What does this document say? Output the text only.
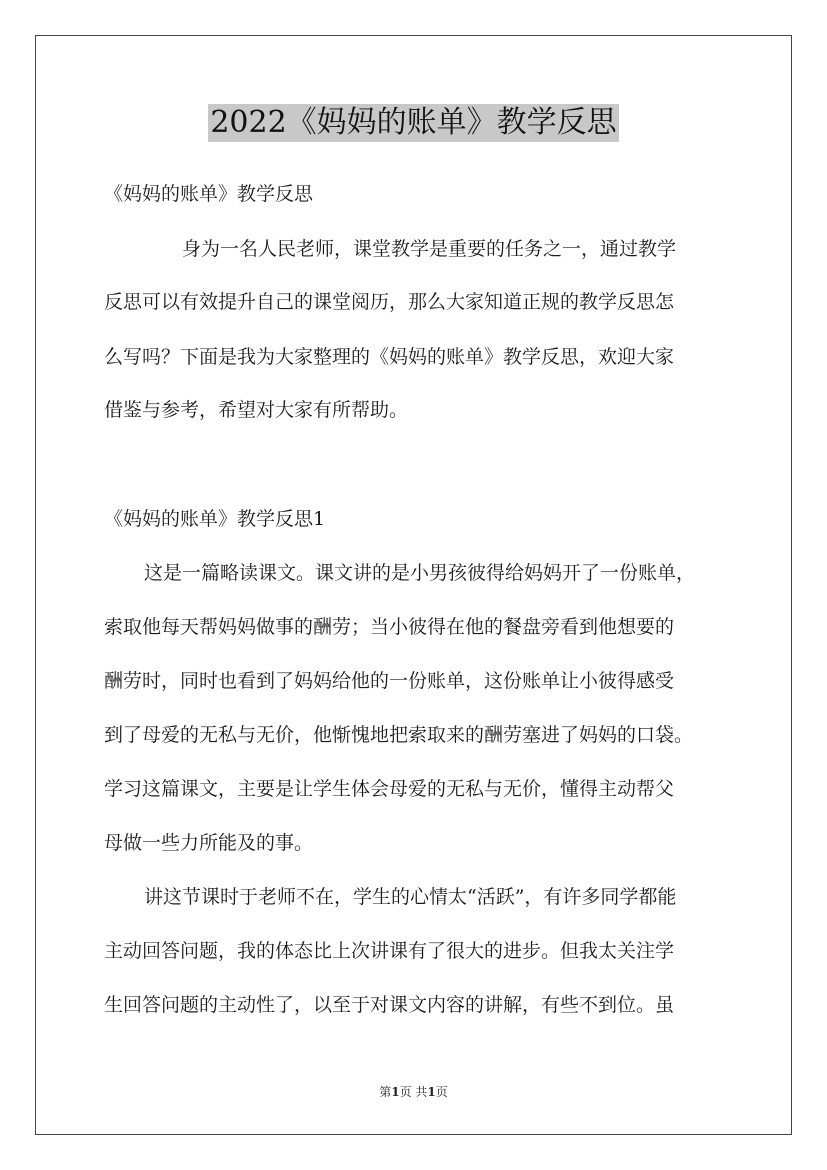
2022《妈妈的账单》教学反思
《妈妈的账单》教学反思
身为一名人民老师，课堂教学是重要的任务之一，通过教学
反思可以有效提升自己的课堂阅历，那么大家知道正规的教学反思怎
么写吗？下面是我为大家整理的《妈妈的账单》教学反思，欢迎大家
借鉴与参考，希望对大家有所帮助。
《妈妈的账单》教学反思1
这是一篇略读课文。课文讲的是小男孩彼得给妈妈开了一份账单，
索取他每天帮妈妈做事的酬劳；当小彼得在他的餐盘旁看到他想要的
酬劳时，同时也看到了妈妈给他的一份账单，这份账单让小彼得感受
到了母爱的无私与无价，他惭愧地把索取来的酬劳塞进了妈妈的口袋。
学习这篇课文，主要是让学生体会母爱的无私与无价，懂得主动帮父
母做一些力所能及的事。
讲这节课时于老师不在，学生的心情太“活跃”，有许多同学都能
主动回答问题，我的体态比上次讲课有了很大的进步。但我太关注学
生回答问题的主动性了，以至于对课文内容的讲解，有些不到位。虽
第1页 共1页
